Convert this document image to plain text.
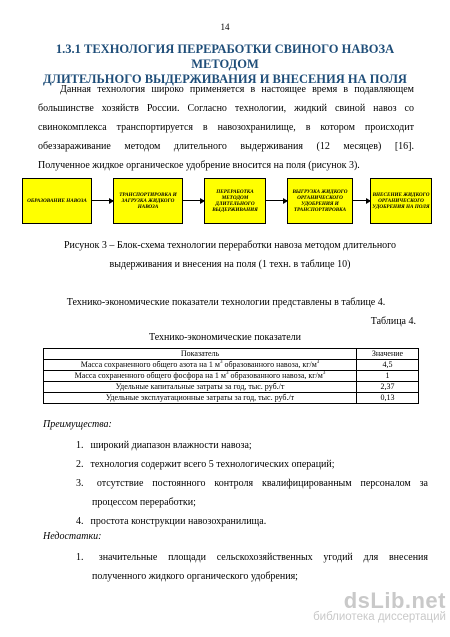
14
1.3.1 ТЕХНОЛОГИЯ ПЕРЕРАБОТКИ СВИНОГО НАВОЗА МЕТОДОМ
ДЛИТЕЛЬНОГО ВЫДЕРЖИВАНИЯ И ВНЕСЕНИЯ НА ПОЛЯ
Данная технология широко применяется в настоящее время в подавляющем
большинстве хозяйств России. Согласно технологии, жидкий свиной навоз со
свинокомплекса транспортируется в навозохранилище, в котором происходит
обеззараживание методом длительного выдерживания (12 месяцев) [16].
Полученное жидкое органическое удобрение вносится на поля (рисунок 3).
ОБРАЗОВАНИЕ НАВОЗА
ТРАНСПОРТИРОВКА И ЗАГРУЗКА ЖИДКОГО НАВОЗА
ПЕРЕРАБОТКА МЕТОДОМ ДЛИТЕЛЬНОГО ВЫДЕРЖИВАНИЯ
ВЫГРУЗКА ЖИДКОГО ОРГАНИЧЕСКОГО УДОБРЕНИЯ И ТРАНСПОРТИРОВКА
ВНЕСЕНИЕ ЖИДКОГО ОРГАНИЧЕСКОГО УДОБРЕНИЯ НА ПОЛЯ
Рисунок 3 – Блок-схема технологии переработки навоза методом длительного
выдерживания и внесения на поля (1 техн. в таблице 10)
Технико-экономические показатели технологии представлены в таблице 4.
Таблица 4.
Технико-экономические показатели
Показатель	Значение
Масса сохраненного общего азота на 1 $м^3$ образованного навоза, $кг/м^3$	4,5
Масса сохраненного общего фосфора на 1 $м^3$ образованного навоза, $кг/м^3$	1
Удельные капитальные затраты за год, тыс. руб./т	2,37
Удельные эксплуатационные затраты за год, тыс. руб./т	0,13
Преимущества:
1. широкий диапазон влажности навоза;
2. технология содержит всего 5 технологических операций;
3. отсутствие постоянного контроля квалифицированным персоналом за
процессом переработки;
4. простота конструкции навозохранилища.
Недостатки:
1. значительные площади сельскохозяйственных угодий для внесения
полученного жидкого органического удобрения;
dsLib.net
библиотека диссертаций
